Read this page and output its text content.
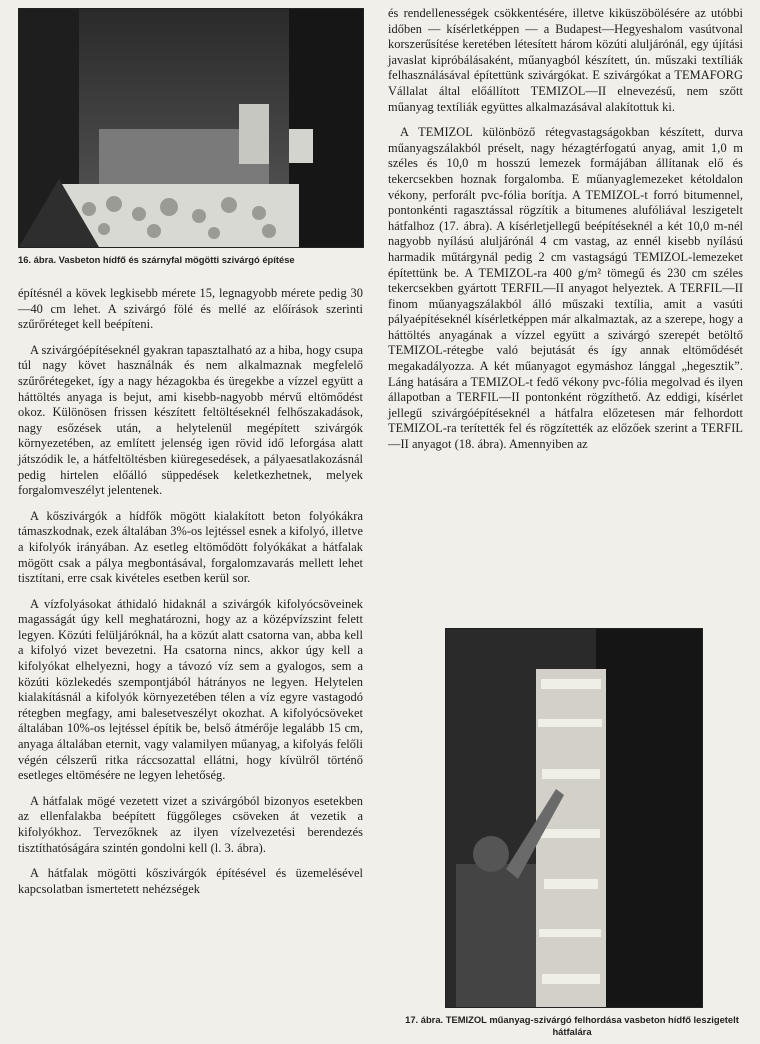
16. ábra. Vasbeton hídfő és szárnyfal mögötti szivárgó építése

építésnél a kövek legkisebb mérete 15, legnagyobb mérete pedig 30—40 cm lehet. A szivárgó fölé és mellé az előírások szerinti szűrőréteget kell beépíteni.

A szivárgóépítéseknél gyakran tapasztalható az a hiba, hogy csupa túl nagy követ használnák és nem alkalmaznak megfelelő szűrőrétegeket, így a nagy hézagokba és üregekbe a vízzel együtt a háttöltés anyaga is bejut, ami kisebb-nagyobb mérvű eltömődést okoz. Különösen frissen készített feltöltéseknél felhőszakadások, nagy esőzések után, a helytelenül megépített szivárgók környezetében, az említett jelenség igen rövid idő leforgása alatt játszódik le, a hátfeltöltésben kiüregesedések, a pályaesatlakozásnál pedig hirtelen előálló süppedések keletkezhetnek, melyek forgalomveszélyt jelentenek.

A kőszivárgók a hídfők mögött kialakított beton folyókákra támaszkodnak, ezek általában 3%-os lejtéssel esnek a kifolyó, illetve a kifolyók irányában. Az esetleg eltömődött folyókákat a hátfalak mögött csak a pálya megbontásával, forgalomzavarás mellett lehet tisztítani, erre csak kivételes esetben kerül sor.

A vízfolyásokat áthidaló hidaknál a szivárgók kifolyócsöveinek magasságát úgy kell meghatározni, hogy az a középvízszint felett legyen. Közúti felüljáróknál, ha a közút alatt csatorna van, abba kell a kifolyó vizet bevezetni. Ha csatorna nincs, akkor úgy kell a kifolyókat elhelyezni, hogy a távozó víz sem a gyalogos, sem a közúti közlekedés szempontjából hátrányos ne legyen. Helytelen kialakításnál a kifolyók környezetében télen a víz egyre vastagodó rétegben megfagy, ami balesetveszélyt okozhat. A kifolyócsöveket általában 10%-os lejtéssel építik be, belső átmérője legalább 15 cm, anyaga általában eternit, vagy valamilyen műanyag, a kifolyás felőli végén célszerű ritka ráccsozattal ellátni, hogy kívülről történő esetleges eltömésére ne legyen lehetőség.

A hátfalak mögé vezetett vizet a szivárgóból bizonyos esetekben az ellenfalakba beépített függőleges csöveken át vezetik a kifolyókhoz. Tervezőknek az ilyen vízelvezetési berendezés tisztíthatóságára szintén gondolni kell (l. 3. ábra).

A hátfalak mögötti kőszivárgók építésével és üzemelésével kapcsolatban ismertetett nehézségek

és rendellenességek csökkentésére, illetve kiküszöbölésére az utóbbi időben — kísérletképpen — a Budapest—Hegyeshalom vasútvonal korszerűsítése keretében létesített három közúti aluljárónál, egy újítási javaslat kipróbálásaként, műanyagból készített, ún. műszaki textíliák felhasználásával építettünk szivárgókat. E szivárgókat a TEMAFORG Vállalat által előállított TEMIZOL—II elnevezésű, nem szőtt műanyag textíliák együttes alkalmazásával alakítottuk ki.

A TEMIZOL különböző rétegvastagságokban készített, durva műanyagszálakból préselt, nagy hézagtérfogatú anyag, amit 1,0 m széles és 10,0 m hosszú lemezek formájában állítanak elő és tekercsekben hoznak forgalomba. E műanyaglemezeket kétoldalon vékony, perforált pvc-fólia borítja. A TEMIZOL-t forró bitumennel, pontonkénti ragasztással rögzítik a bitumenes alufóliával leszigetelt hátfalhoz (17. ábra). A kísérletjellegű beépítéseknél a két 10,0 m-nél nagyobb nyílású aluljárónál 4 cm vastag, az ennél kisebb nyílású harmadik műtárgynál pedig 2 cm vastagságú TEMIZOL-lemezeket építettünk be. A TEMIZOL-ra 400 g/m² tömegű és 230 cm széles tekercsekben gyártott TERFIL—II anyagot helyeztek. A TERFIL—II finom műanyagszálakból álló műszaki textília, amit a vasúti pályaépítéseknél kísérletképpen már alkalmaztak, az a szerepe, hogy a háttöltés anyagának a vízzel együtt a szivárgó szerepét betöltő TEMIZOL-rétegbe való bejutását és így annak eltömődését megakadályozza. A két műanyagot egymáshoz lánggal „hegesztik”. Láng hatására a TEMIZOL-t fedő vékony pvc-fólia megolvad és ilyen állapotban a TERFIL—II pontonként rögzíthető. Az eddigi, kísérlet jellegű szivárgóépítéseknél a hátfalra előzetesen már felhordott TEMIZOL-ra terítették fel és rögzítették az előzőek szerint a TERFIL—II anyagot (18. ábra). Amennyiben az

17. ábra. TEMIZOL műanyag-szivárgó felhordása vasbeton hídfő leszigetelt hátfalára
